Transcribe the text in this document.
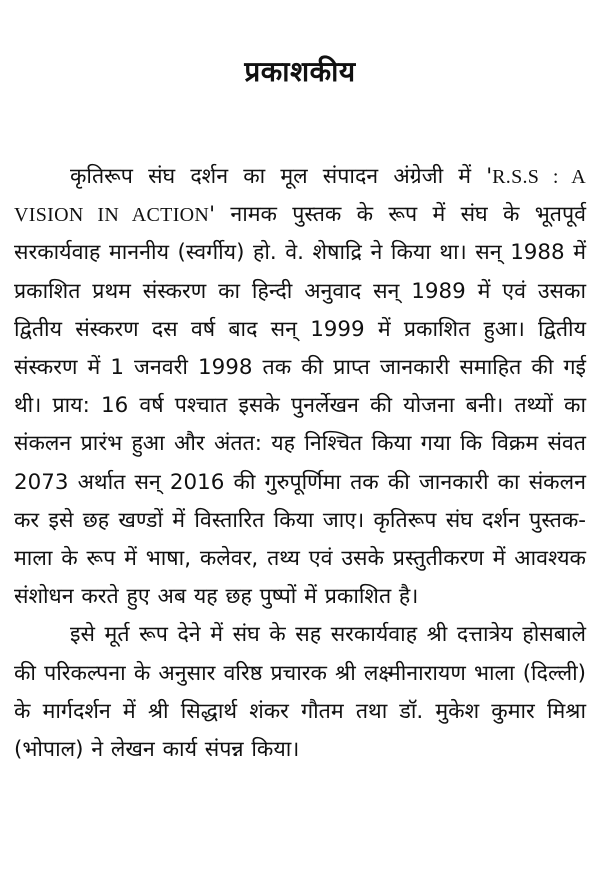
प्रकाशकीय

कृतिरूप संघ दर्शन का मूल संपादन अंग्रेजी में 'R.S.S : A VISION IN ACTION' नामक पुस्तक के रूप में संघ के भूतपूर्व सरकार्यवाह माननीय (स्वर्गीय) हो. वे. शेषाद्रि ने किया था। सन् 1988 में प्रकाशित प्रथम संस्करण का हिन्दी अनुवाद सन् 1989 में एवं उसका द्वितीय संस्करण दस वर्ष बाद सन् 1999 में प्रकाशित हुआ। द्वितीय संस्करण में 1 जनवरी 1998 तक की प्राप्त जानकारी समाहित की गई थी। प्राय: 16 वर्ष पश्चात इसके पुनर्लेखन की योजना बनी। तथ्यों का संकलन प्रारंभ हुआ और अंतत: यह निश्चित किया गया कि विक्रम संवत 2073 अर्थात सन् 2016 की गुरुपूर्णिमा तक की जानकारी का संकलन कर इसे छह खण्डों में विस्तारित किया जाए। कृतिरूप संघ दर्शन पुस्तक-माला के रूप में भाषा, कलेवर, तथ्य एवं उसके प्रस्तुतीकरण में आवश्यक संशोधन करते हुए अब यह छह पुष्पों में प्रकाशित है।

इसे मूर्त रूप देने में संघ के सह सरकार्यवाह श्री दत्तात्रेय होसबाले की परिकल्पना के अनुसार वरिष्ठ प्रचारक श्री लक्ष्मीनारायण भाला (दिल्ली) के मार्गदर्शन में श्री सिद्धार्थ शंकर गौतम तथा डॉ. मुकेश कुमार मिश्रा (भोपाल) ने लेखन कार्य संपन्न किया।
